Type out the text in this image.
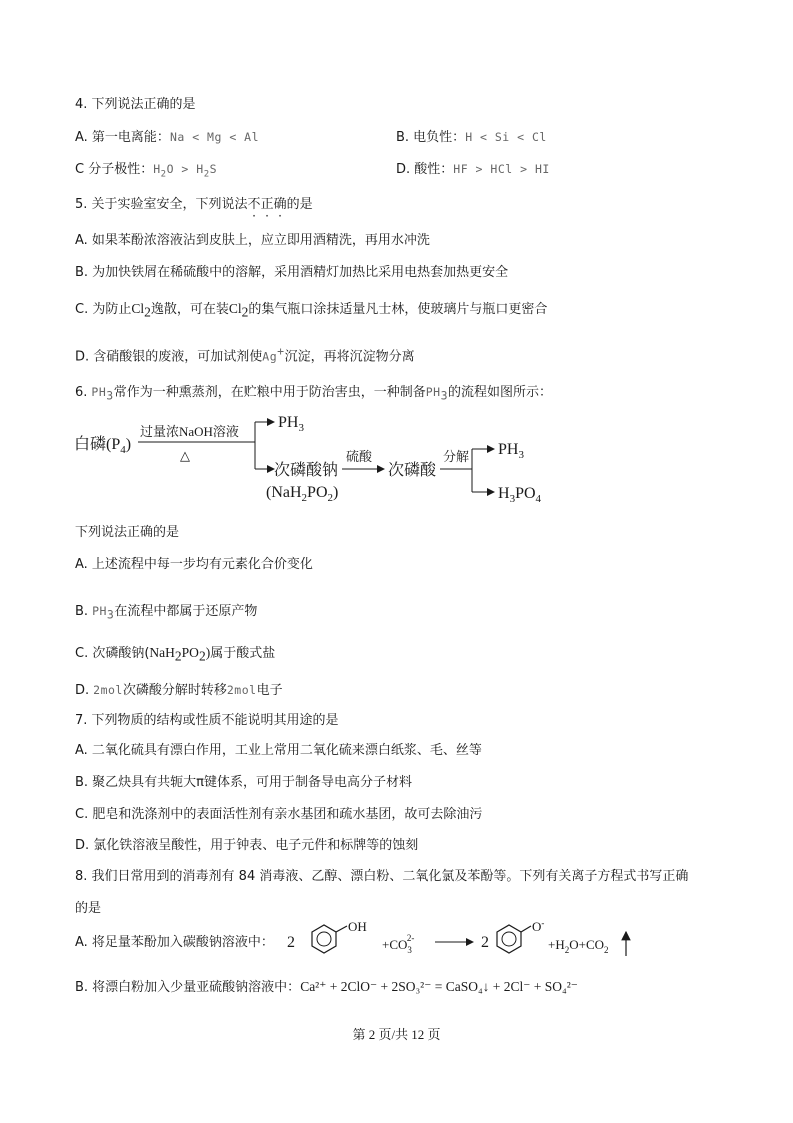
4. 下列说法正确的是
A. 第一电离能：Na < Mg < Al	B. 电负性：H < Si < Cl
C 分子极性：$H_2O > H_2S$	D. 酸性：HF > HCl > HI
5. 关于实验室安全，下列说法不正确的是
A. 如果苯酚浓溶液沾到皮肤上，应立即用酒精洗，再用水冲洗
B. 为加快铁屑在稀硫酸中的溶解，采用酒精灯加热比采用电热套加热更安全
C. 为防止$Cl_2$逸散，可在装$Cl_2$的集气瓶口涂抹适量凡士林，使玻璃片与瓶口更密合
D. 含硝酸银的废液，可加试剂使Ag+沉淀，再将沉淀物分离
6. $PH_3$常作为一种熏蒸剂，在贮粮中用于防治害虫，一种制备$PH_3$的流程如图所示：
白磷$(P_4)$
过量浓NaOH溶液
△
$PH_3$
次磷酸钠
$(NaH_2PO_2)$
硫酸
次磷酸
分解 $PH_3$
$H_3PO_4$
下列说法正确的是
A. 上述流程中每一步均有元素化合价变化
B. $PH_3$在流程中都属于还原产物
C. 次磷酸钠$(NaH_2PO_2)$属于酸式盐
D. 2mol次磷酸分解时转移2mol电子
7. 下列物质的结构或性质不能说明其用途的是
A. 二氧化硫具有漂白作用，工业上常用二氧化硫来漂白纸浆、毛、丝等
B. 聚乙炔具有共轭大π键体系，可用于制备导电高分子材料
C. 肥皂和洗涤剂中的表面活性剂有亲水基团和疏水基团，故可去除油污
D. 氯化铁溶液呈酸性，用于钟表、电子元件和标牌等的蚀刻
8. 我们日常用到的消毒剂有 84 消毒液、乙醇、漂白粉、二氧化氯及苯酚等。下列有关离子方程式书写正确
的是
A. 将足量苯酚加入碳酸钠溶液中： 2
OH
$+CO_32-$	2
O-
$+H_2O+CO_2$
B. 将漂白粉加入少量亚硫酸钠溶液中：Ca²⁺ + 2ClO⁻ + 2SO₃²⁻ = CaSO₄↓ + 2Cl⁻ + SO₄²⁻
第 2 页/共 12 页
